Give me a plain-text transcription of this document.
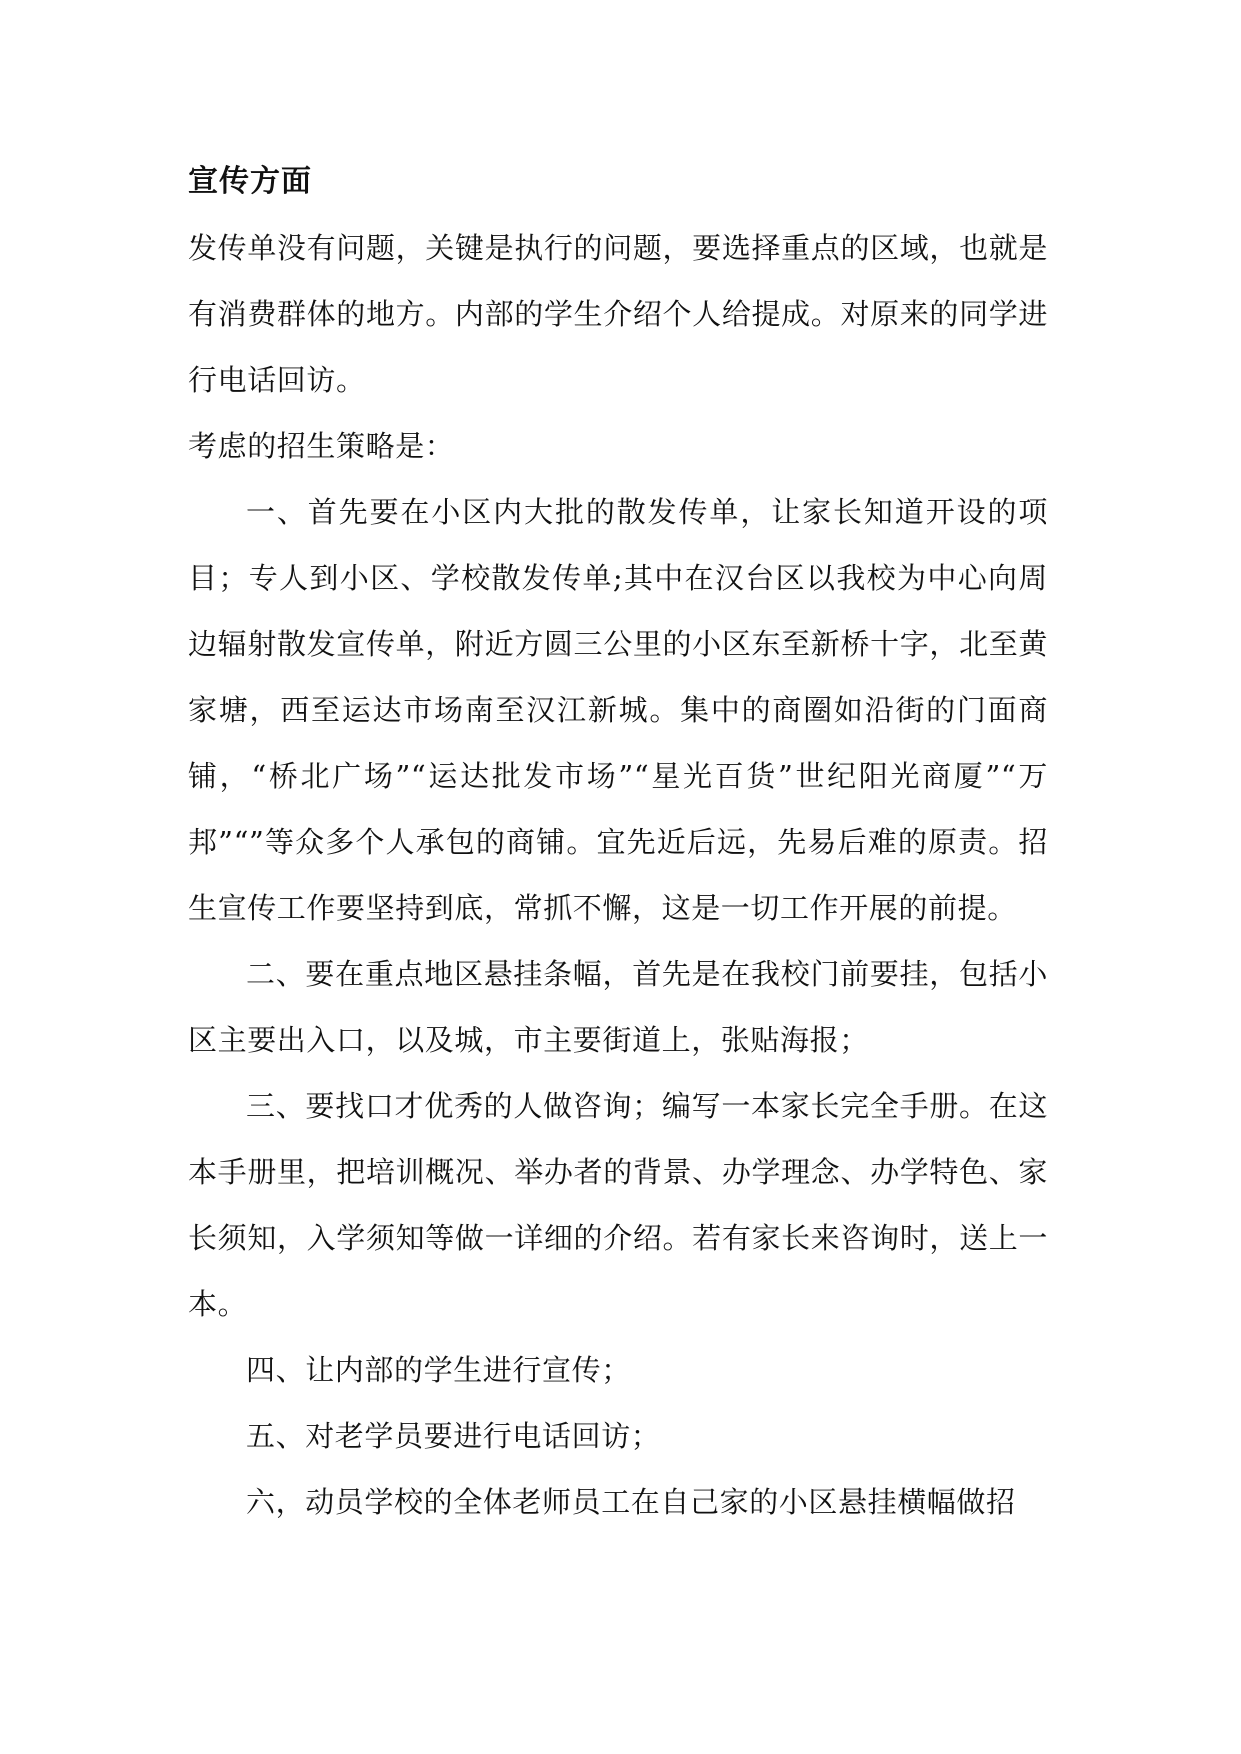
宣传方面

发传单没有问题，关键是执行的问题，要选择重点的区域，也就是有消费群体的地方。内部的学生介绍个人给提成。对原来的同学进行电话回访。

考虑的招生策略是：

一、首先要在小区内大批的散发传单，让家长知道开设的项目；专人到小区、学校散发传单;其中在汉台区以我校为中心向周边辐射散发宣传单，附近方圆三公里的小区东至新桥十字，北至黄家塘，西至运达市场南至汉江新城。集中的商圈如沿街的门面商铺，“桥北广场”“运达批发市场”“星光百货”世纪阳光商厦”“万邦”“”等众多个人承包的商铺。宜先近后远，先易后难的原责。招生宣传工作要坚持到底，常抓不懈，这是一切工作开展的前提。

二、要在重点地区悬挂条幅，首先是在我校门前要挂，包括小区主要出入口，以及城，市主要街道上，张贴海报；

三、要找口才优秀的人做咨询；编写一本家长完全手册。在这本手册里，把培训概况、举办者的背景、办学理念、办学特色、家长须知，入学须知等做一详细的介绍。若有家长来咨询时，送上一本。

四、让内部的学生进行宣传；

五、对老学员要进行电话回访；

六，动员学校的全体老师员工在自己家的小区悬挂横幅做招
